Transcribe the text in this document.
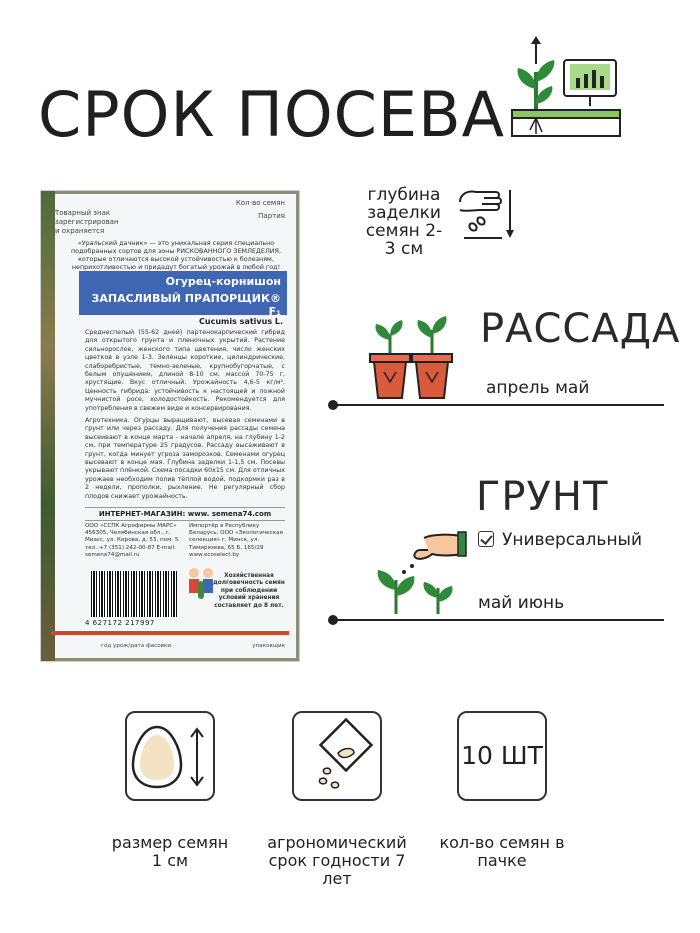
СРОК ПОСЕВА
Товарный знак
зарегистрирован
и охраняется
Кол-во семян
Партия
«Уральский дачник» — это уникальная серия специально подобранных сортов для зоны РИСКОВАННОГО ЗЕМЛЕДЕЛИЯ, которые отличаются высокой устойчивостью к болезням, неприхотливостью и придадут богатый урожай в любой год!
Огурец-корнишон
ЗАПАСЛИВЫЙ ПРАПОРЩИК® F₁
Cucumis sativus L.
Среднеспелый (55-62 дней) партенокарпический гибрид для открытого грунта и пленочных укрытий. Растение сильнорослое, женского типа цветения, число женских цветков в узле 1-3. Зеленцы короткие, цилиндрические, слаборебристые, темно-зеленые, крупнобугорчатые, с белым опушением, длиной 8-10 см, массой 70-75 г, хрустящие. Вкус отличный. Урожайность 4,6-5 кг/м². Ценность гибрида: устойчивость к настоящей и ложной мучнистой росе, холодостойкость. Рекомендуется для употребления в свежем виде и консервирования.
Агротехника. Огурцы выращивают, высевая семенами в грунт или через рассаду. Для получения рассады семена высеивают в конце марта - начале апреля, на глубину 1-2 см, при температуре 25 градусов. Рассаду высаживают в грунт, когда минует угроза заморозков. Семенами огурец высевают в конце мая. Глубина заделки 1-1,5 см. Посевы укрывают плёнкой. Схема посадки 60х15 см. Для отличных урожаев необходим полив тёплой водой, подкормки раз в 2 недели, прополки, рыхление. Не регулярный сбор плодов снижает урожайность.
ИНТЕРНЕТ-МАГАЗИН: www. semena74.com
ООО «ССПК Агрофирмы МАРС» 456305, Челябинская обл., г. Миасс, ул. Кирова, д. 53, пом. 5 тел.:+7 (351) 242-00-87 E-mail: semena74@mail.ru
Импортёр в Республику Беларусь: ООО «Экологическая селекция» г. Минск, ул. Тимирязева, 65 Б, 165/29 www.ecoselect.by
Хозяйственная долговечность семян при соблюдении условий хранения составляет до 8 лет.
4 627172 217997
год урож/дата фасовки	упаковщик
глубина заделки семян 2-3 см
РАССАДА
апрель май
ГРУНТ
Универсальный
май июнь
размер семян 1 см
агрономический срок годности 7 лет
10 ШТ
кол-во семян в пачке
